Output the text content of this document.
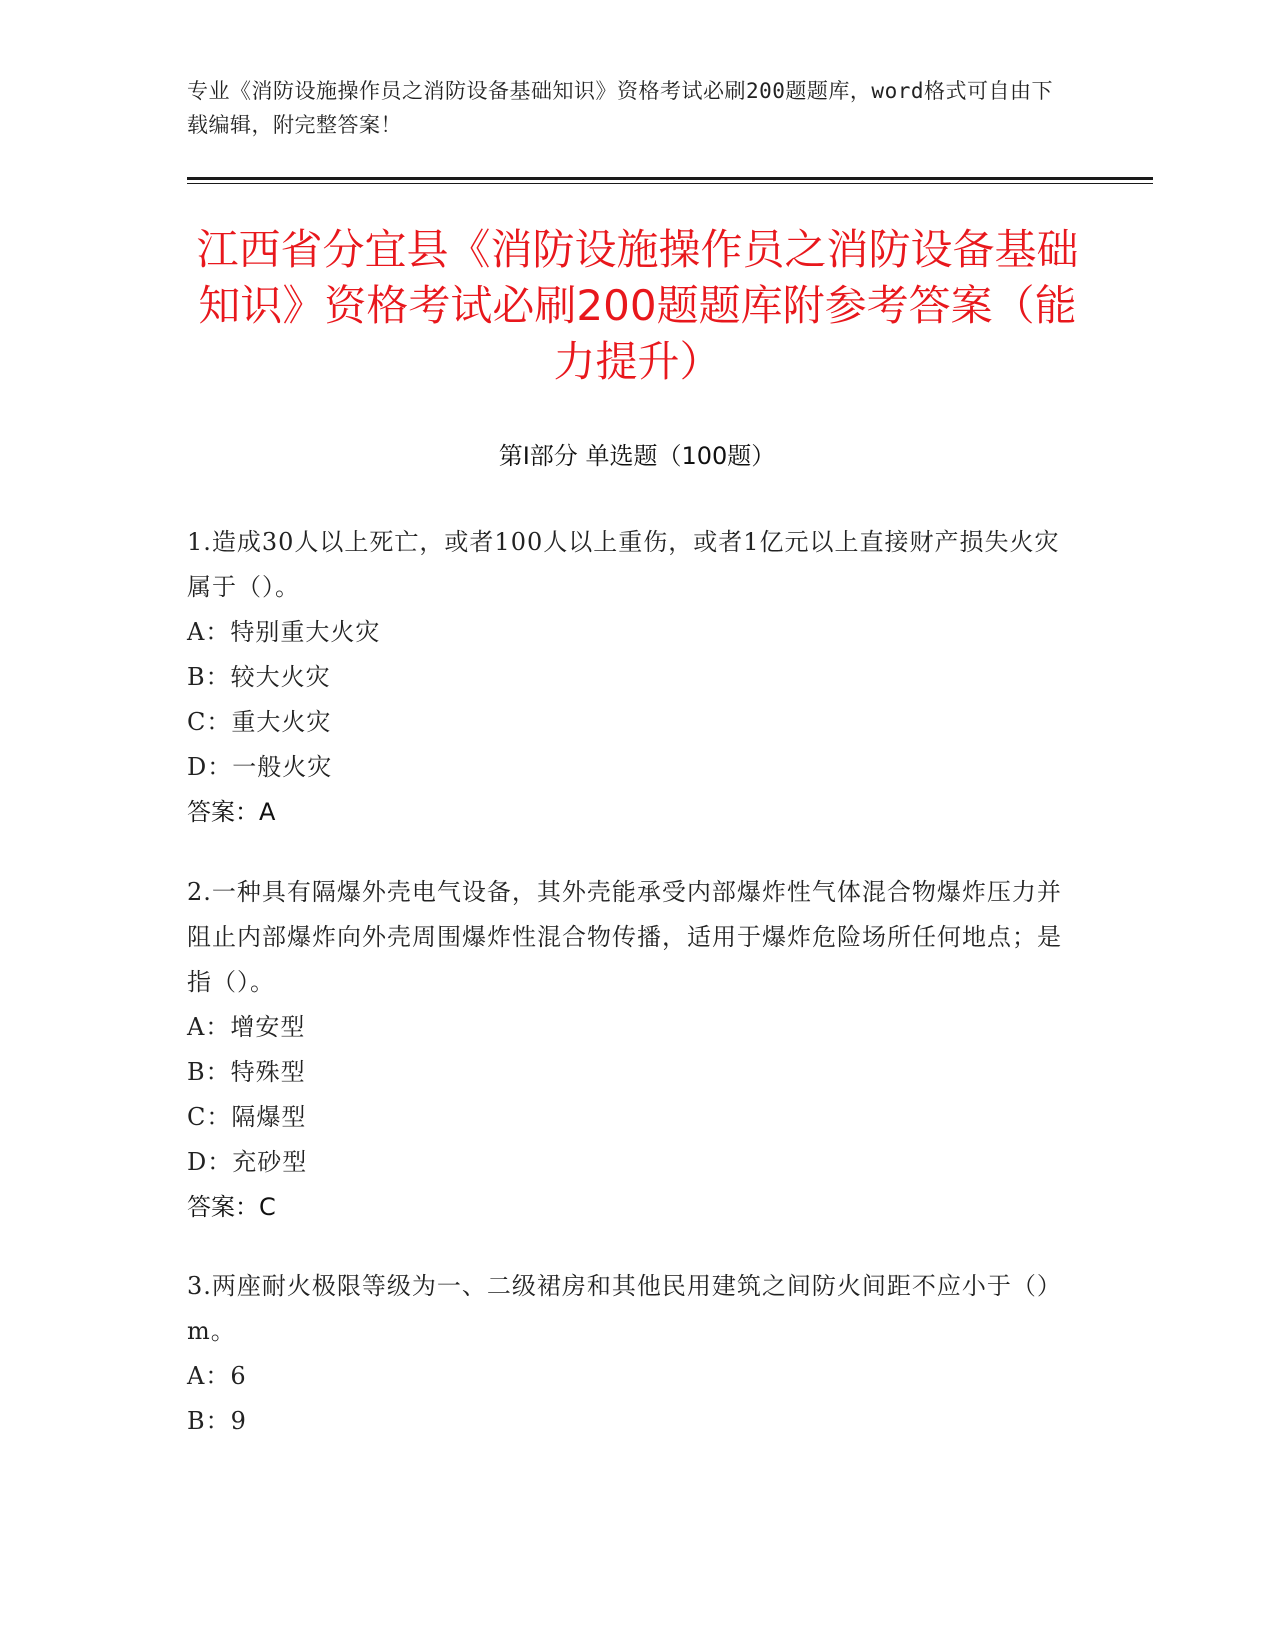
专业《消防设施操作员之消防设备基础知识》资格考试必刷200题题库，word格式可自由下载编辑，附完整答案！
江西省分宜县《消防设施操作员之消防设备基础知识》资格考试必刷200题题库附参考答案（能力提升）
第Ⅰ部分 单选题（100题）
1.造成30人以上死亡，或者100人以上重伤，或者1亿元以上直接财产损失火灾属于（）。
A：特别重大火灾
B：较大火灾
C：重大火灾
D：一般火灾
答案：A
2.一种具有隔爆外壳电气设备，其外壳能承受内部爆炸性气体混合物爆炸压力并阻止内部爆炸向外壳周围爆炸性混合物传播，适用于爆炸危险场所任何地点；是指（）。
A：增安型
B：特殊型
C：隔爆型
D：充砂型
答案：C
3.两座耐火极限等级为一、二级裙房和其他民用建筑之间防火间距不应小于（）m。
A：6
B：9
